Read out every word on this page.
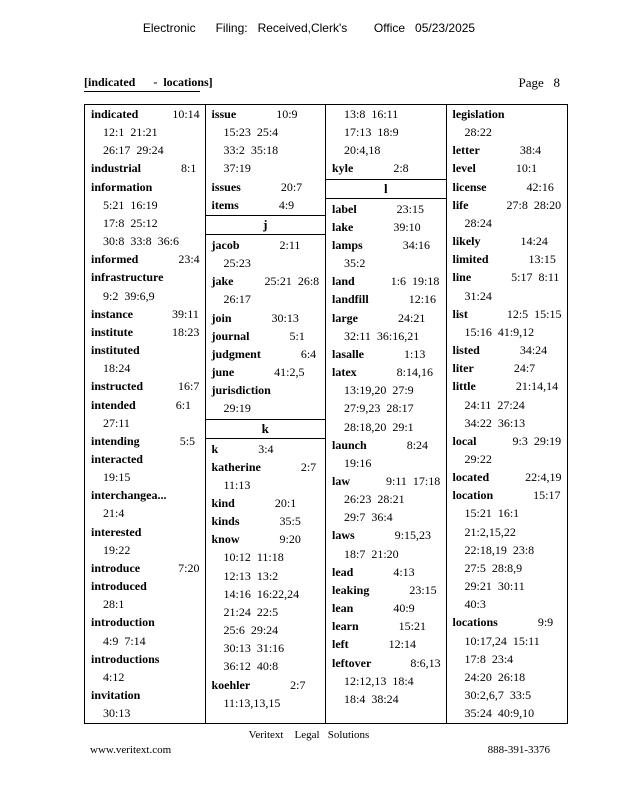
Electronic      Filing:   Received,Clerk's        Office   05/23/2025
[indicated      -  locations]	Page   8
indicated	10:14
12:1  21:21
26:17  29:24
industrial	8:1
information
5:21  16:19
17:8  25:12
30:8  33:8  36:6
informed	23:4
infrastructure
9:2  39:6,9
instance	39:11
institute	18:23
instituted
18:24
instructed	16:7
intended	6:1
27:11
intending	5:5
interacted
19:15
interchangea...
21:4
interested
19:22
introduce	7:20
introduced
28:1
introduction
4:9  7:14
introductions
4:12
invitation
30:13
issue	10:9
15:23  25:4
33:2  35:18
37:19
issues	20:7
items	4:9
j
jacob	2:11
25:23
jake	25:21  26:8
26:17
join	30:13
journal	5:1
judgment	6:4
june	41:2,5
jurisdiction
29:19
k
k	3:4
katherine	2:7
11:13
kind	20:1
kinds	35:5
know	9:20
10:12  11:18
12:13  13:2
14:16  16:22,24
21:24  22:5
25:6  29:24
30:13  31:16
36:12  40:8
koehler	2:7
11:13,13,15
13:8  16:11
17:13  18:9
20:4,18
kyle	2:8
l
label	23:15
lake	39:10
lamps	34:16
35:2
land	1:6  19:18
landfill	12:16
large	24:21
32:11  36:16,21
lasalle	1:13
latex	8:14,16
13:19,20  27:9
27:9,23  28:17
28:18,20  29:1
launch	8:24
19:16
law	9:11  17:18
26:23  28:21
29:7  36:4
laws	9:15,23
18:7  21:20
lead	4:13
leaking	23:15
lean	40:9
learn	15:21
left	12:14
leftover	8:6,13
12:12,13  18:4
18:4  38:24
legislation
28:22
letter	38:4
level	10:1
license	42:16
life	27:8  28:20
28:24
likely	14:24
limited	13:15
line	5:17  8:11
31:24
list	12:5  15:15
15:16  41:9,12
listed	34:24
liter	24:7
little	21:14,14
24:11  27:24
34:22  36:13
local	9:3  29:19
29:22
located	22:4,19
location	15:17
15:21  16:1
21:2,15,22
22:18,19  23:8
27:5  28:8,9
29:21  30:11
40:3
locations	9:9
10:17,24  15:11
17:8  23:4
24:20  26:18
30:2,6,7  33:5
35:24  40:9,10
Veritext    Legal   Solutions
www.veritext.com	888-391-3376
